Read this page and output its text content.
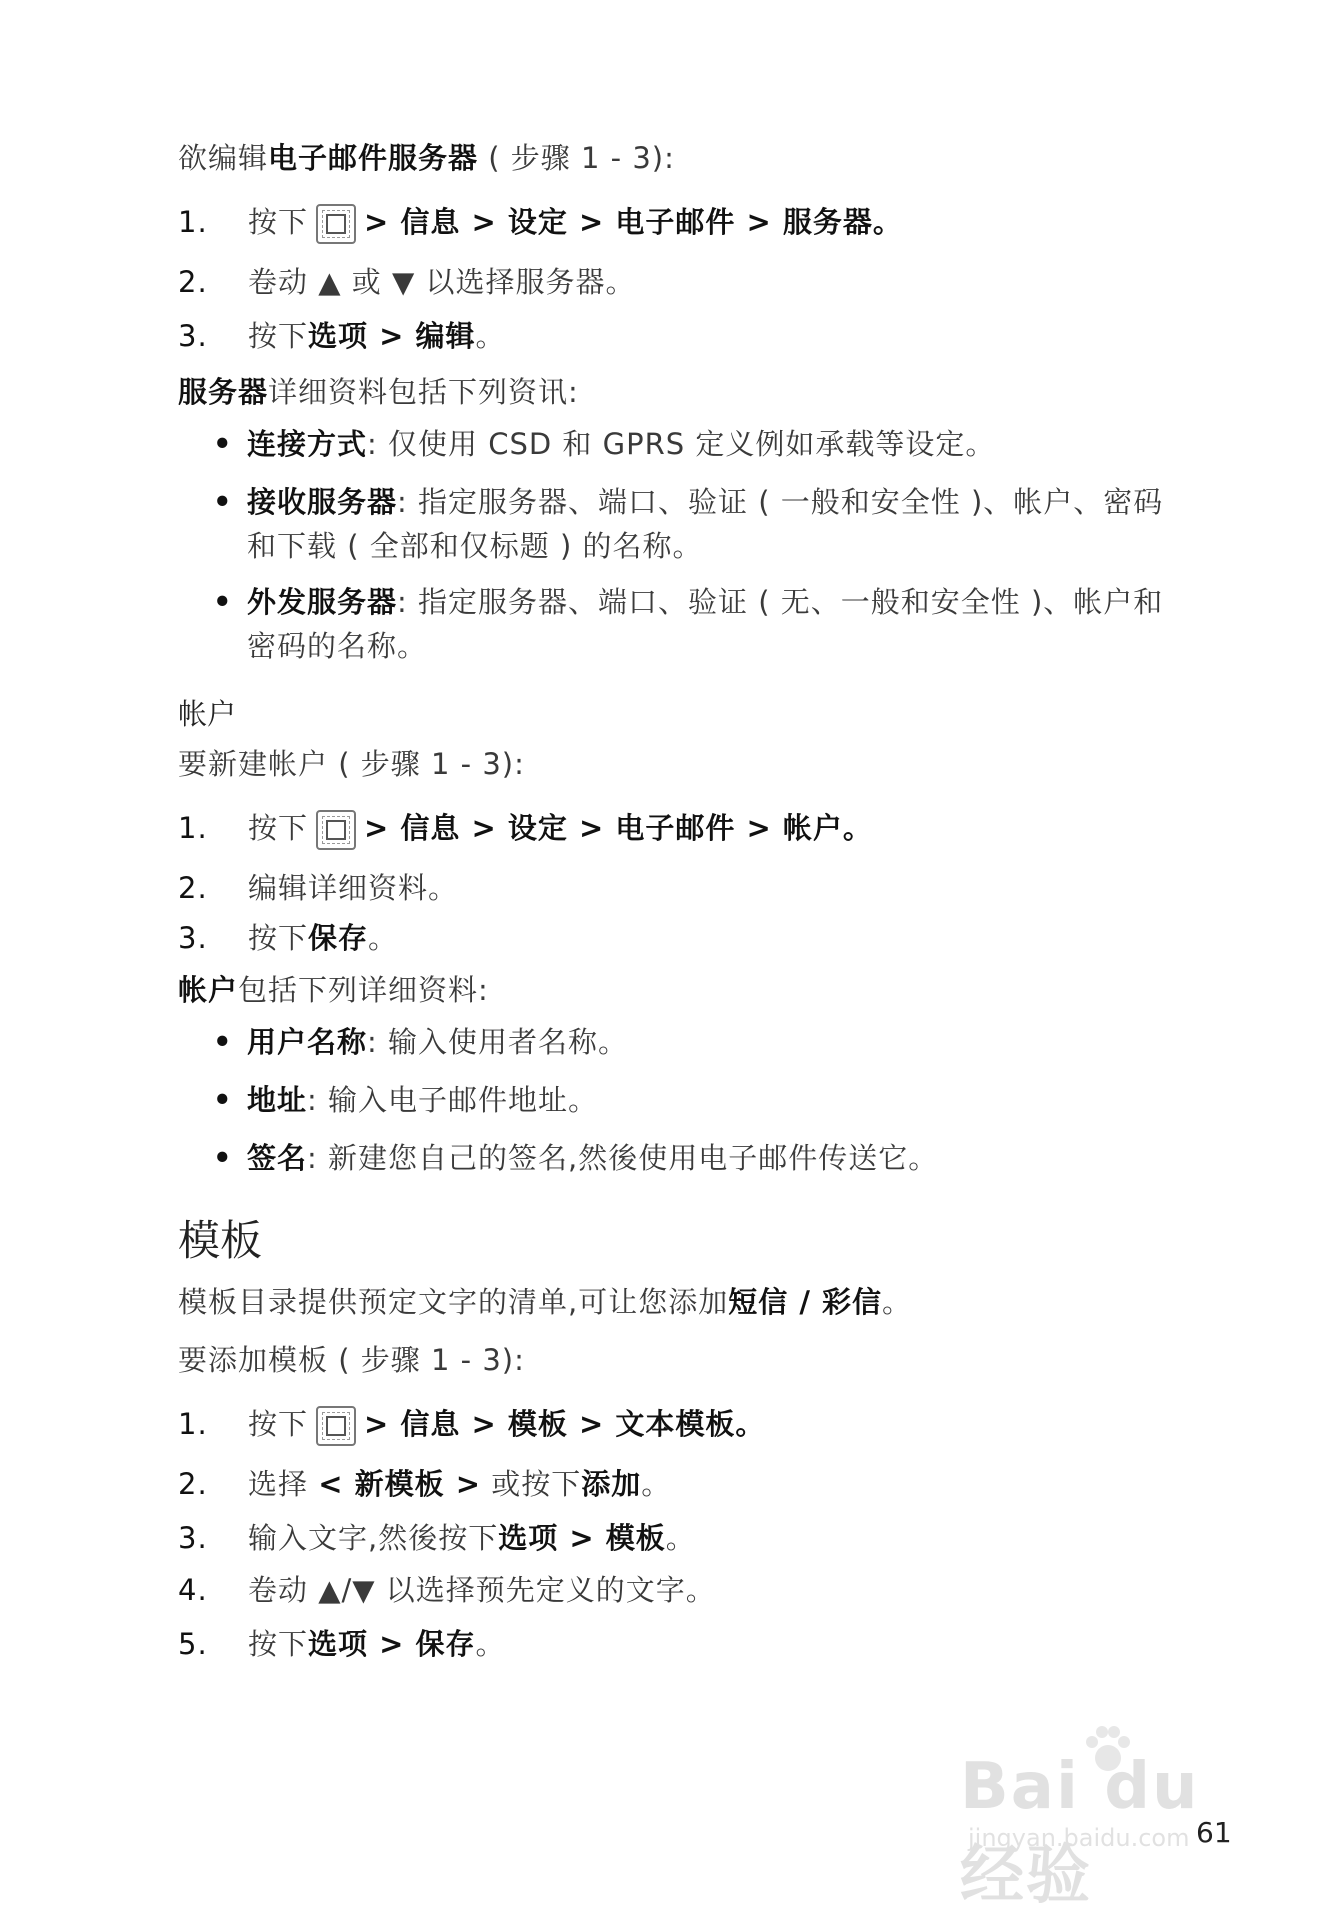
欲编辑电子邮件服务器 ( 步骤 1 - 3):
1. 按下 > 信息 > 设定 > 电子邮件 > 服务器。
2. 卷动 ▲ 或 ▼ 以选择服务器。
3. 按下选项 > 编辑。
服务器详细资料包括下列资讯:
• 连接方式: 仅使用 CSD 和 GPRS 定义例如承载等设定。
• 接收服务器: 指定服务器、端口、验证 ( 一般和安全性 )、帐户、密码
和下载 ( 全部和仅标题 ) 的名称。
• 外发服务器: 指定服务器、端口、验证 ( 无、一般和安全性 )、帐户和
密码的名称。
帐户
要新建帐户 ( 步骤 1 - 3):
1. 按下 > 信息 > 设定 > 电子邮件 > 帐户。
2. 编辑详细资料。
3. 按下保存。
帐户包括下列详细资料:
• 用户名称: 输入使用者名称。
• 地址: 输入电子邮件地址。
• 签名: 新建您自己的签名,然後使用电子邮件传送它。
模板
模板目录提供预定文字的清单,可让您添加短信 / 彩信。
要添加模板 ( 步骤 1 - 3):
1. 按下 > 信息 > 模板 > 文本模板。
2. 选择 < 新模板 > 或按下添加。
3. 输入文字,然後按下选项 > 模板。
4. 卷动 ▲/▼ 以选择预先定义的文字。
5. 按下选项 > 保存。
Bai du 经验
jingyan.baidu.com 61
